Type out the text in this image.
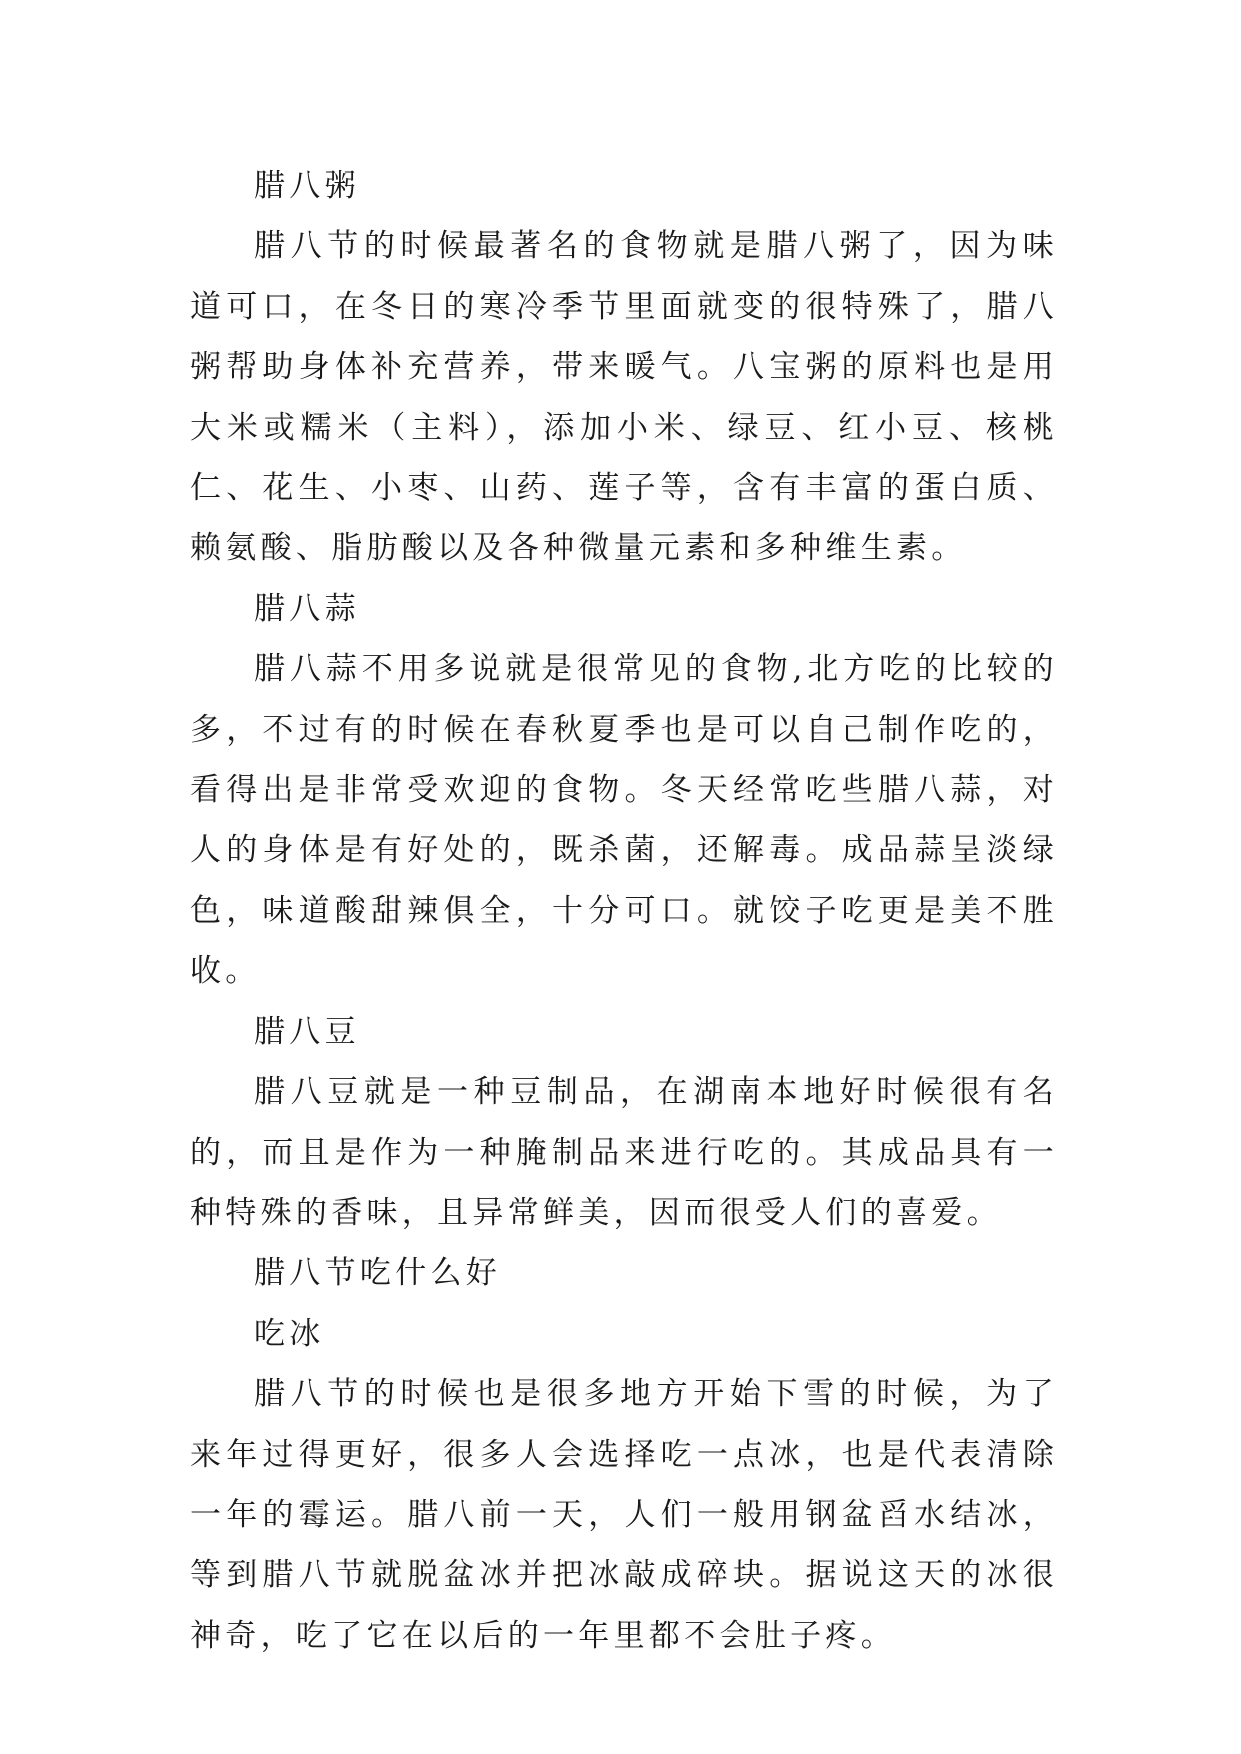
腊八粥

腊八节的时候最著名的食物就是腊八粥了，因为味道可口，在冬日的寒冷季节里面就变的很特殊了，腊八粥帮助身体补充营养，带来暖气。八宝粥的原料也是用大米或糯米（主料），添加小米、绿豆、红小豆、核桃仁、花生、小枣、山药、莲子等，含有丰富的蛋白质、赖氨酸、脂肪酸以及各种微量元素和多种维生素。

腊八蒜

腊八蒜不用多说就是很常见的食物,北方吃的比较的多，不过有的时候在春秋夏季也是可以自己制作吃的，看得出是非常受欢迎的食物。冬天经常吃些腊八蒜，对人的身体是有好处的，既杀菌，还解毒。成品蒜呈淡绿色，味道酸甜辣俱全，十分可口。就饺子吃更是美不胜收。

腊八豆

腊八豆就是一种豆制品，在湖南本地好时候很有名的，而且是作为一种腌制品来进行吃的。其成品具有一种特殊的香味，且异常鲜美，因而很受人们的喜爱。

腊八节吃什么好

吃冰

腊八节的时候也是很多地方开始下雪的时候，为了来年过得更好，很多人会选择吃一点冰，也是代表清除一年的霉运。腊八前一天，人们一般用钢盆舀水结冰，等到腊八节就脱盆冰并把冰敲成碎块。据说这天的冰很神奇，吃了它在以后的一年里都不会肚子疼。
